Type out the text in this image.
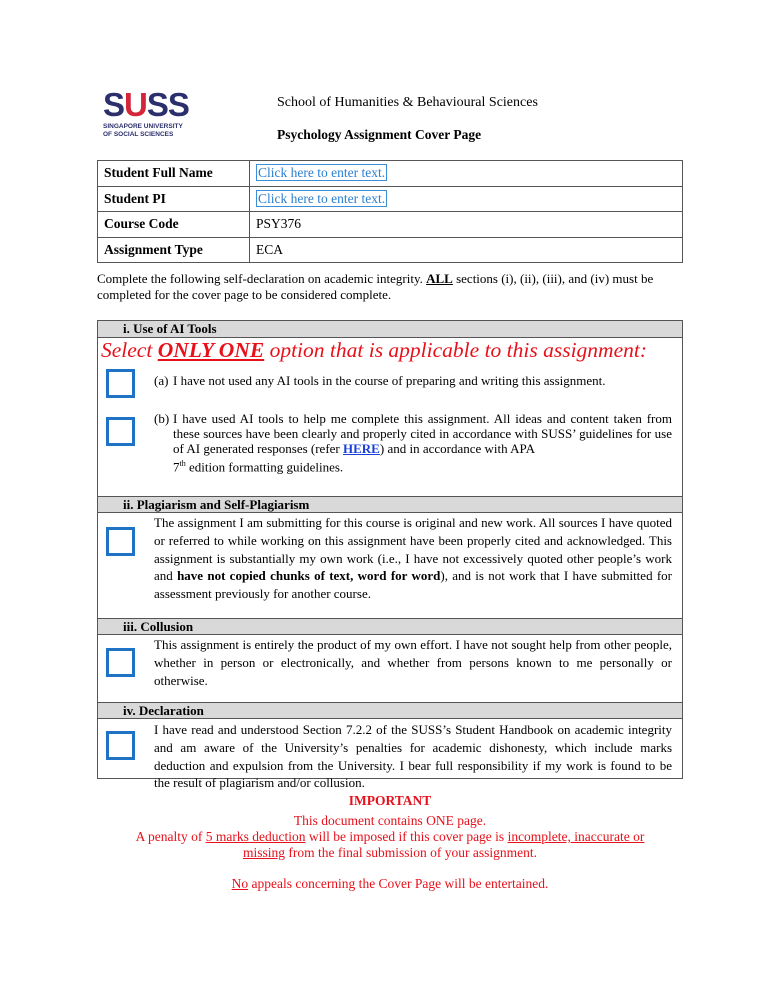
SUSS
SINGAPORE UNIVERSITY
OF SOCIAL SCIENCES
School of Humanities & Behavioural Sciences
Psychology Assignment Cover Page
Student Full Name	Click here to enter text.
Student PI	Click here to enter text.
Course Code	PSY376
Assignment Type	ECA
Complete the following self-declaration on academic integrity. ALL sections (i), (ii), (iii), and (iv) must be completed for the cover page to be considered complete.
i. Use of AI Tools
Select ONLY ONE option that is applicable to this assignment:
(a) I have not used any AI tools in the course of preparing and writing this assignment.
(b) I have used AI tools to help me complete this assignment. All ideas and content taken from these sources have been clearly and properly cited in accordance with SUSS’ guidelines for use of AI generated responses (refer HERE) and in accordance with APA
7th edition formatting guidelines.
ii. Plagiarism and Self-Plagiarism
The assignment I am submitting for this course is original and new work. All sources I have quoted or referred to while working on this assignment have been properly cited and acknowledged. This assignment is substantially my own work (i.e., I have not excessively quoted other people’s work and have not copied chunks of text, word for word), and is not work that I have submitted for assessment previously for another course.
iii. Collusion
This assignment is entirely the product of my own effort. I have not sought help from other people, whether in person or electronically, and whether from persons known to me personally or otherwise.
iv. Declaration
I have read and understood Section 7.2.2 of the SUSS’s Student Handbook on academic integrity and am aware of the University’s penalties for academic dishonesty, which include marks deduction and expulsion from the University. I bear full responsibility if my work is found to be the result of plagiarism and/or collusion.
IMPORTANT
This document contains ONE page.
A penalty of 5 marks deduction will be imposed if this cover page is incomplete, inaccurate or missing from the final submission of your assignment.
No appeals concerning the Cover Page will be entertained.
